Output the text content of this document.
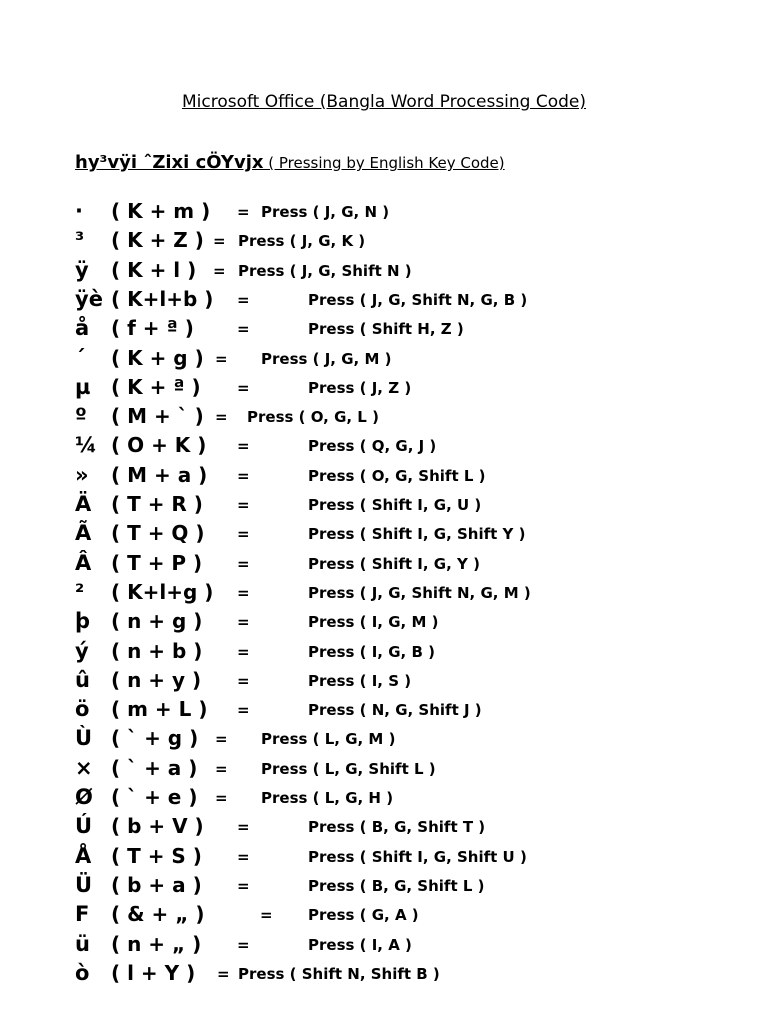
Microsoft Office (Bangla Word Processing Code)
hy³vÿi ˆZixi cÖYvjx ( Pressing by English Key Code)
· ( K + m ) = Press ( J, G, N )
³ ( K + Z ) = Press ( J, G, K )
ÿ ( K + l ) = Press ( J, G, Shift N )
ÿè ( K+l+b ) =	Press ( J, G, Shift N, G, B )
å ( f + ª )	=	Press ( Shift H, Z )
´ ( K + g ) = Press ( J, G, M )
µ ( K + ª ) =	Press ( J, Z )
º ( M + ` ) = Press ( O, G, L )
¼ ( O + K ) =	Press ( Q, G, J )
» ( M + a ) =	Press ( O, G, Shift L )
Ä ( T + R ) =	Press ( Shift I, G, U )
Ã ( T + Q ) =	Press ( Shift I, G, Shift Y )
Â ( T + P ) =	Press ( Shift I, G, Y )
² ( K+l+g ) =	Press ( J, G, Shift N, G, M )
þ ( n + g ) =	Press ( I, G, M )
ý ( n + b ) =	Press ( I, G, B )
û ( n + y ) =	Press ( I, S )
ö ( m + L ) =	Press ( N, G, Shift J )
Ù ( ` + g ) = Press ( L, G, M )
× ( ` + a ) = Press ( L, G, Shift L )
Ø ( ` + e ) = Press ( L, G, H )
Ú ( b + V ) =	Press ( B, G, Shift T )
Å ( T + S ) =	Press ( Shift I, G, Shift U )
Ü ( b + a ) =	Press ( B, G, Shift L )
F ( & + „ )	= Press ( G, A )
ü ( n + „ ) =	Press ( I, A )
ò ( l + Y ) = Press ( Shift N, Shift B )
